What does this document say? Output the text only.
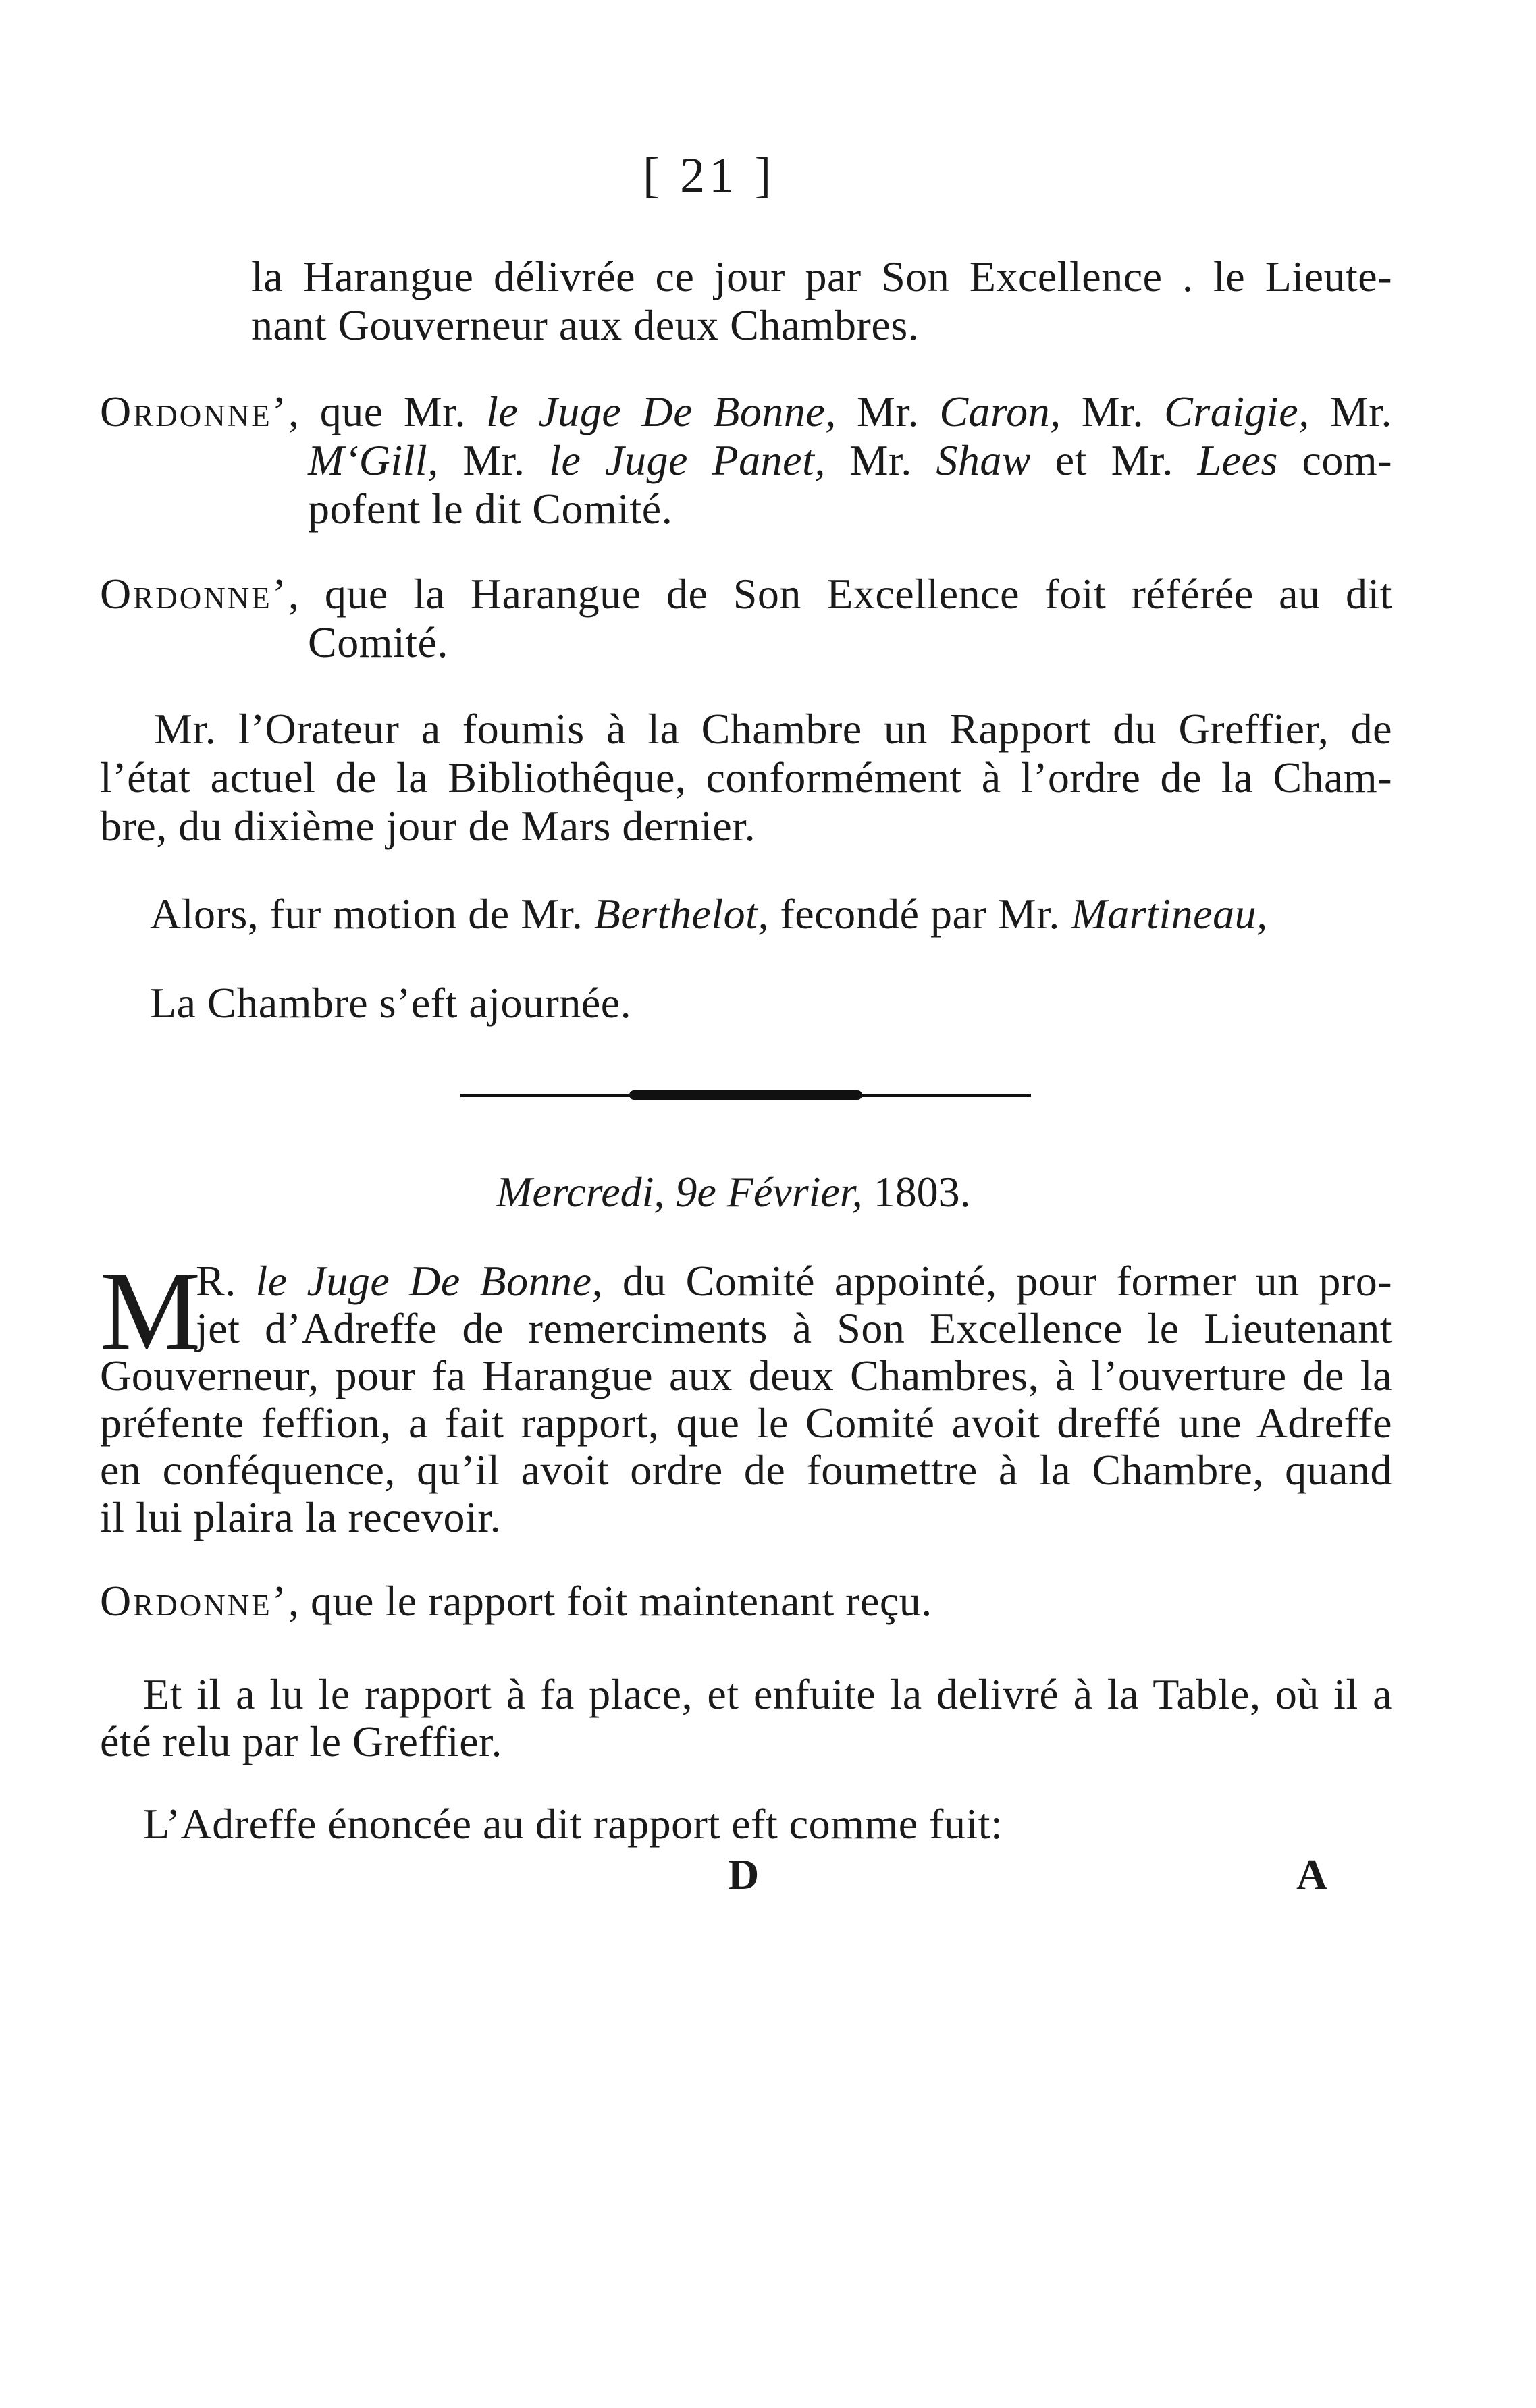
[ 21 ]
la Harangue délivrée ce jour par Son Excellence . le Lieute-
nant Gouverneur aux deux Chambres.
Ordonne’, que Mr. le Juge De Bonne, Mr. Caron, Mr. Craigie, Mr.
M‘Gill, Mr. le Juge Panet, Mr. Shaw et Mr. Lees com-
pofent le dit Comité.
Ordonne’, que la Harangue de Son Excellence foit référée au dit
Comité.
Mr. l’Orateur a foumis à la Chambre un Rapport du Greffier, de
l’état actuel de la Bibliothêque, conformément à l’ordre de la Cham-
bre, du dixième jour de Mars dernier.
Alors, fur motion de Mr. Berthelot, fecondé par Mr. Martineau,
La Chambre s’eft ajournée.
Mercredi, 9e Février, 1803.
M
R. le Juge De Bonne, du Comité appointé, pour former un pro-
jet d’Adreffe de remerciments à Son Excellence le Lieutenant
Gouverneur, pour fa Harangue aux deux Chambres, à l’ouverture de la
préfente feffion, a fait rapport, que le Comité avoit dreffé une Adreffe
en conféquence, qu’il avoit ordre de foumettre à la Chambre, quand
il lui plaira la recevoir.
Ordonne’, que le rapport foit maintenant reçu.
Et il a lu le rapport à fa place, et enfuite la delivré à la Table, où il a
été relu par le Greffier.
L’Adreffe énoncée au dit rapport eft comme fuit:
D	A
